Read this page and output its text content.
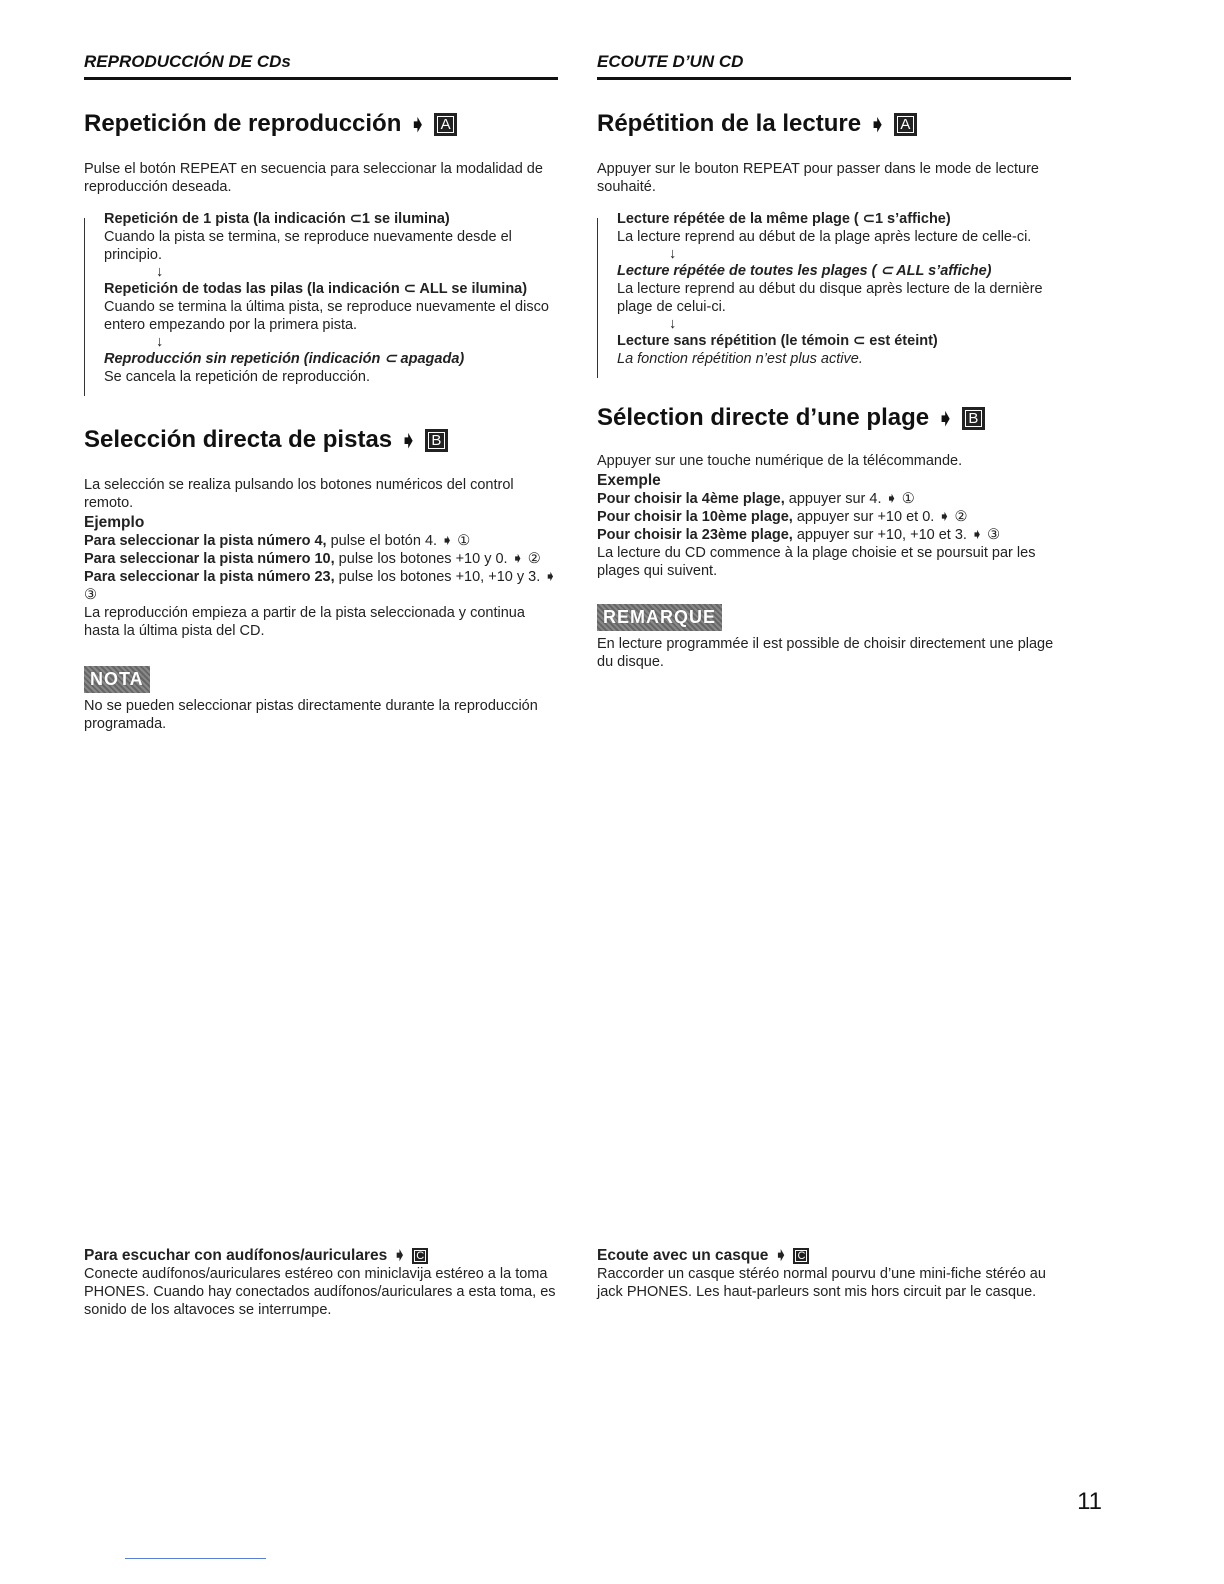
REPRODUCCIÓN DE CDs
Repetición de reproducción ➧ A

Pulse el botón REPEAT en secuencia para seleccionar la modalidad de reproducción deseada.

Repetición de 1 pista (la indicación ⊂1 se ilumina)
Cuando la pista se termina, se reproduce nuevamente desde el principio.
↓
Repetición de todas las pilas (la indicación ⊂ ALL se ilumina)
Cuando se termina la última pista, se reproduce nuevamente el disco entero empezando por la primera pista.
↓
Reproducción sin repetición (indicación ⊂ apagada)
Se cancela la repetición de reproducción.
Selección directa de pistas ➧ B

La selección se realiza pulsando los botones numéricos del control remoto.

Ejemplo

Para seleccionar la pista número 4, pulse el botón 4. ➧ ①

Para seleccionar la pista número 10, pulse los botones +10 y 0. ➧ ②

Para seleccionar la pista número 23, pulse los botones +10, +10 y 3. ➧ ③

La reproducción empieza a partir de la pista seleccionada y continua hasta la última pista del CD.

NOTA

No se pueden seleccionar pistas directamente durante la reproducción programada.

ECOUTE D’UN CD
Répétition de la lecture ➧ A

Appuyer sur le bouton REPEAT pour passer dans le mode de lecture souhaité.

Lecture répétée de la même plage ( ⊂1 s’affiche)
La lecture reprend au début de la plage après lecture de celle-ci.
↓
Lecture répétée de toutes les plages ( ⊂ ALL s’affiche)
La lecture reprend au début du disque après lecture de la dernière plage de celui-ci.
↓
Lecture sans répétition (le témoin ⊂ est éteint)
La fonction répétition n’est plus active.
Sélection directe d’une plage ➧ B

Appuyer sur une touche numérique de la télécommande.

Exemple

Pour choisir la 4ème plage, appuyer sur 4. ➧ ①

Pour choisir la 10ème plage, appuyer sur +10 et 0. ➧ ②

Pour choisir la 23ème plage, appuyer sur +10, +10 et 3. ➧ ③

La lecture du CD commence à la plage choisie et se poursuit par les plages qui suivent.

REMARQUE

En lecture programmée il est possible de choisir directement une plage du disque.

Para escuchar con audífonos/auriculares ➧ C

Conecte audífonos/auriculares estéreo con miniclavija estéreo a la toma PHONES. Cuando hay conectados audífonos/auriculares a esta toma, es sonido de los altavoces se interrumpe.

Ecoute avec un casque ➧ C

Raccorder un casque stéréo normal pourvu d’une mini-fiche stéréo au jack PHONES. Les haut-parleurs sont mis hors circuit par le casque.

11
